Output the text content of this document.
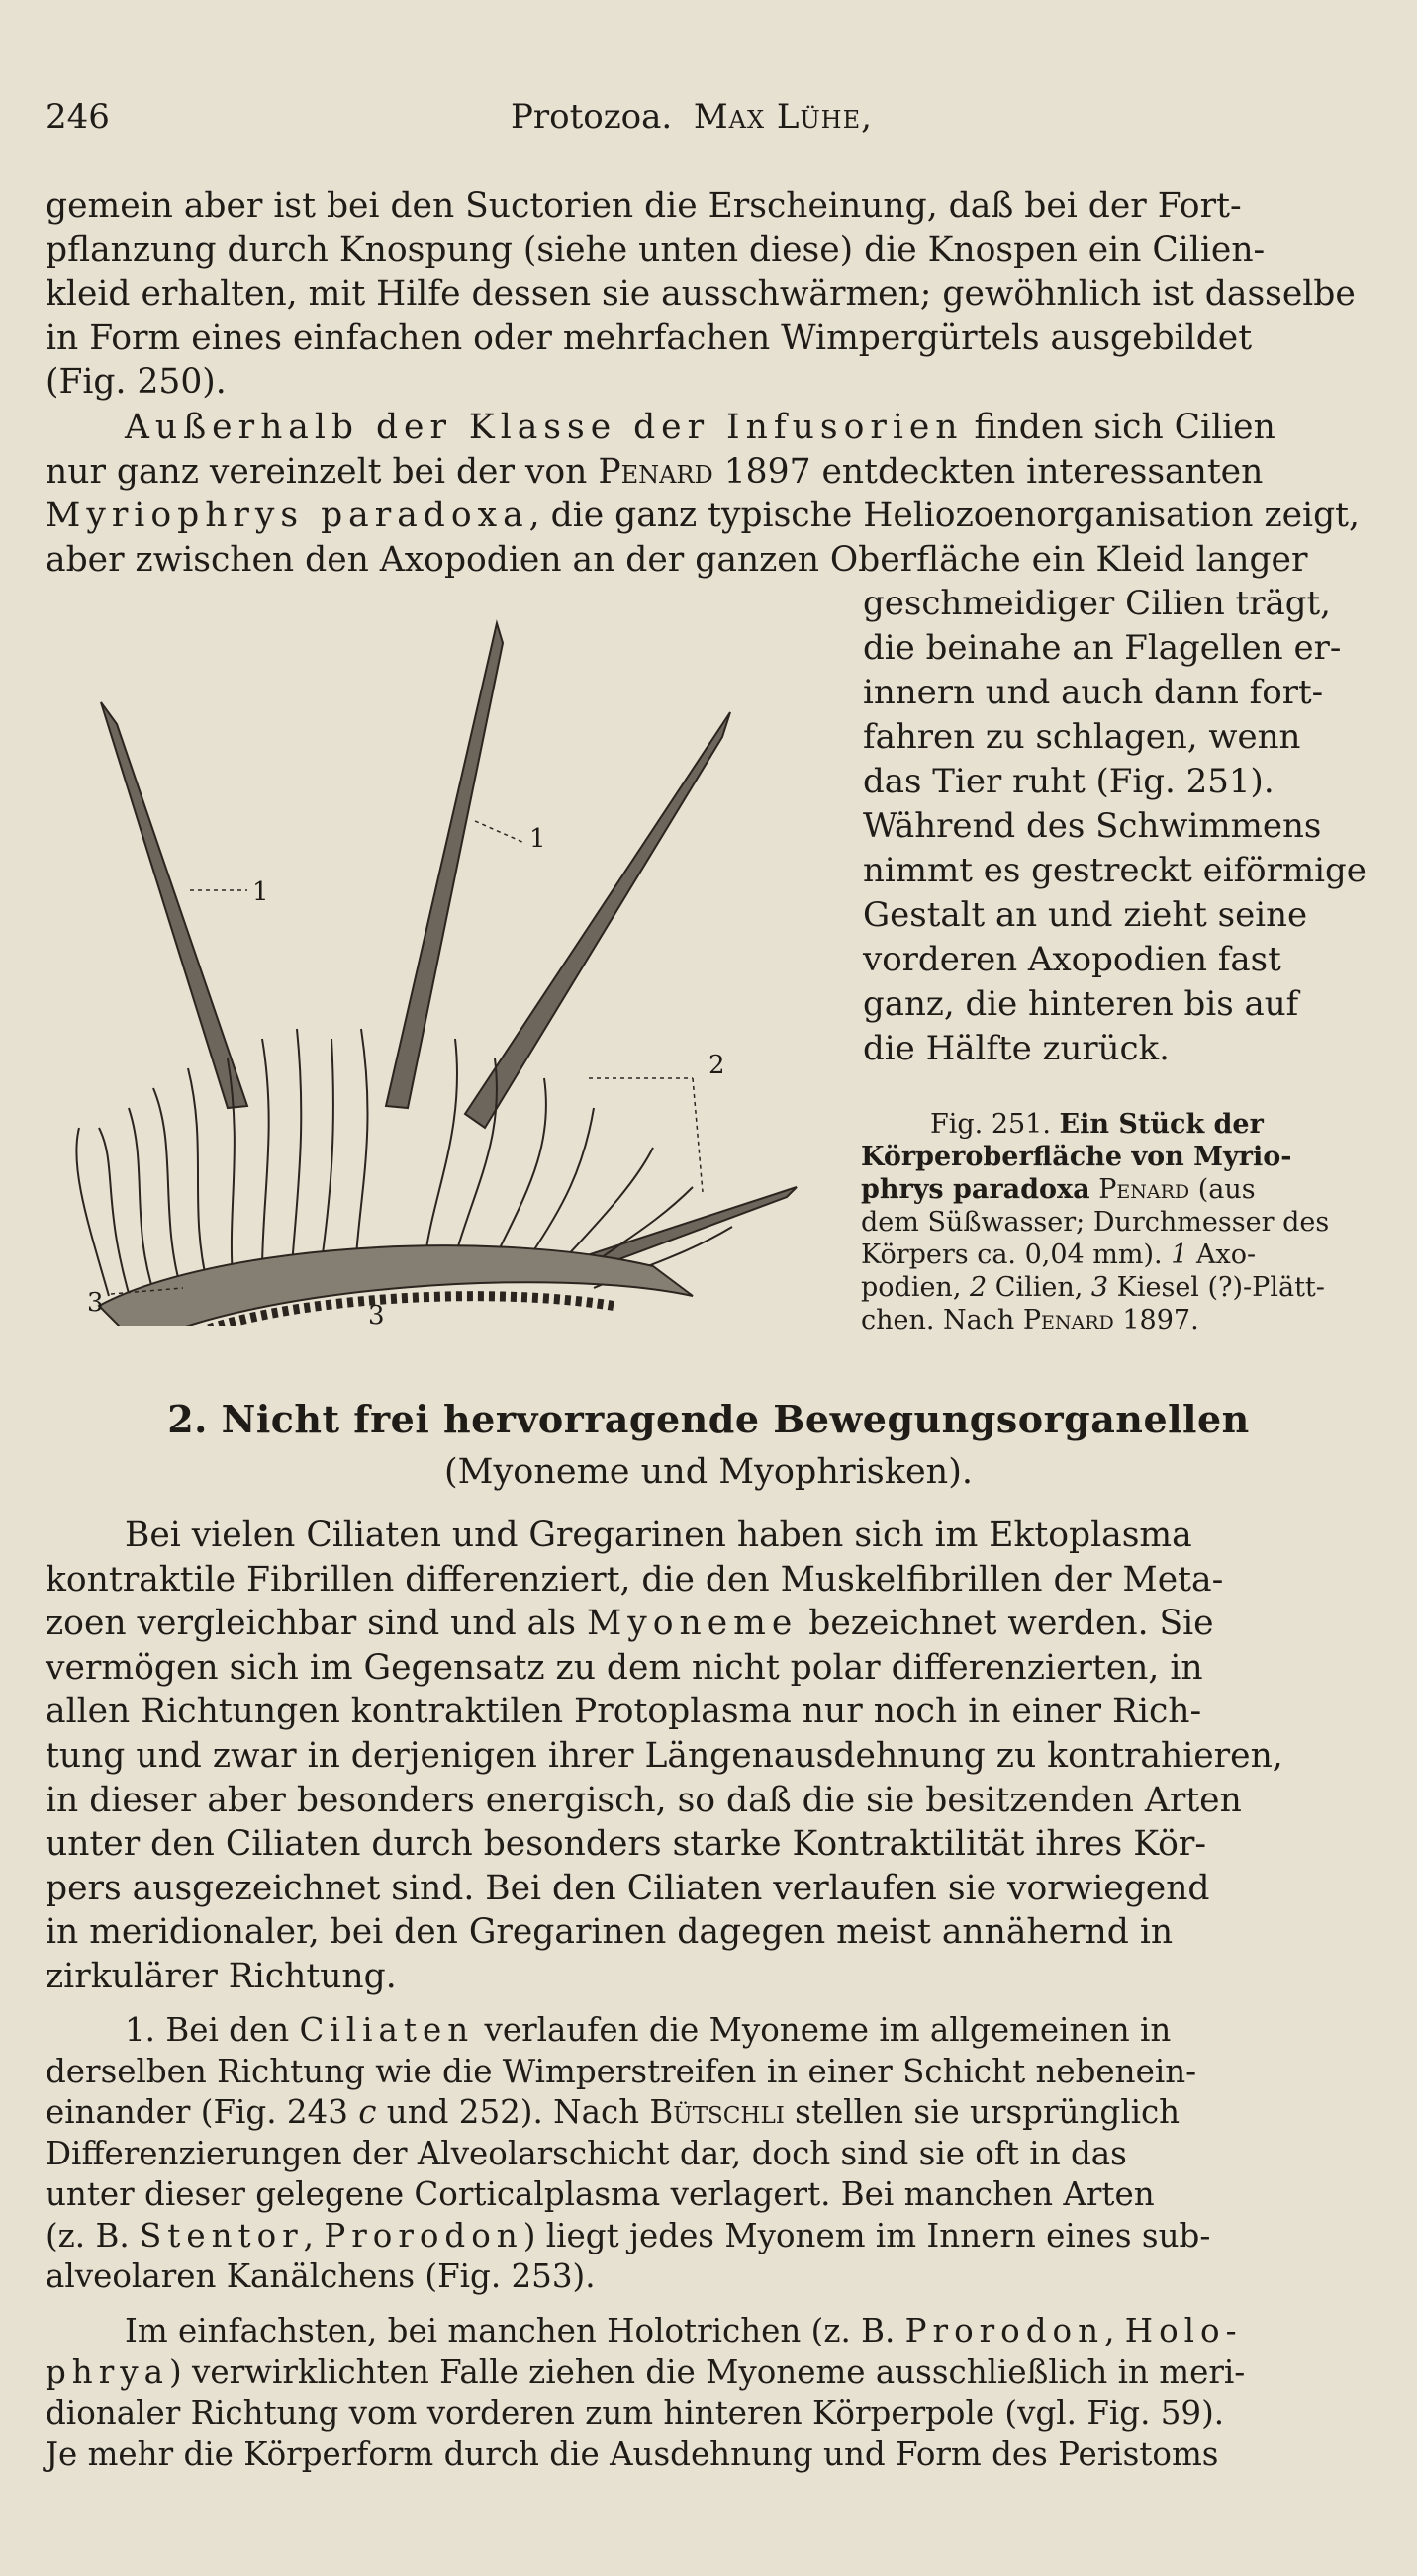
246	Protozoa. Max Lühe,
gemein aber ist bei den Suctorien die Erscheinung, daß bei der Fort-
pflanzung durch Knospung (siehe unten diese) die Knospen ein Cilien-
kleid erhalten, mit Hilfe dessen sie ausschwärmen; gewöhnlich ist dasselbe
in Form eines einfachen oder mehrfachen Wimpergürtels ausgebildet
(Fig. 250).
Außerhalb der Klasse der Infusorien finden sich Cilien
nur ganz vereinzelt bei der von Penard 1897 entdeckten interessanten
Myriophrys paradoxa, die ganz typische Heliozoenorganisation zeigt,
aber zwischen den Axopodien an der ganzen Oberfläche ein Kleid langer
geschmeidiger Cilien trägt,
die beinahe an Flagellen er-
innern und auch dann fort-
fahren zu schlagen, wenn
das Tier ruht (Fig. 251).
Während des Schwimmens
nimmt es gestreckt eiförmige
Gestalt an und zieht seine
vorderen Axopodien fast
ganz, die hinteren bis auf
die Hälfte zurück.
1
1
2
3	3
Fig. 251. Ein Stück der
Körperoberfläche von Myrio-
phrys paradoxa Penard (aus
dem Süßwasser; Durchmesser des
Körpers ca. 0,04 mm). 1 Axo-
podien, 2 Cilien, 3 Kiesel (?)-Plätt-
chen. Nach Penard 1897.
2. Nicht frei hervorragende Bewegungsorganellen
(Myoneme und Myophrisken).
Bei vielen Ciliaten und Gregarinen haben sich im Ektoplasma
kontraktile Fibrillen differenziert, die den Muskelfibrillen der Meta-
zoen vergleichbar sind und als Myoneme bezeichnet werden. Sie
vermögen sich im Gegensatz zu dem nicht polar differenzierten, in
allen Richtungen kontraktilen Protoplasma nur noch in einer Rich-
tung und zwar in derjenigen ihrer Längenausdehnung zu kontrahieren,
in dieser aber besonders energisch, so daß die sie besitzenden Arten
unter den Ciliaten durch besonders starke Kontraktilität ihres Kör-
pers ausgezeichnet sind. Bei den Ciliaten verlaufen sie vorwiegend
in meridionaler, bei den Gregarinen dagegen meist annähernd in
zirkulärer Richtung.
1. Bei den Ciliaten verlaufen die Myoneme im allgemeinen in
derselben Richtung wie die Wimperstreifen in einer Schicht nebenein-
einander (Fig. 243 c und 252). Nach Bütschli stellen sie ursprünglich
Differenzierungen der Alveolarschicht dar, doch sind sie oft in das
unter dieser gelegene Corticalplasma verlagert. Bei manchen Arten
(z. B. Stentor, Prorodon) liegt jedes Myonem im Innern eines sub-
alveolaren Kanälchens (Fig. 253).
Im einfachsten, bei manchen Holotrichen (z. B. Prorodon, Holo-
phrya) verwirklichten Falle ziehen die Myoneme ausschließlich in meri-
dionaler Richtung vom vorderen zum hinteren Körperpole (vgl. Fig. 59).
Je mehr die Körperform durch die Ausdehnung und Form des Peristoms
